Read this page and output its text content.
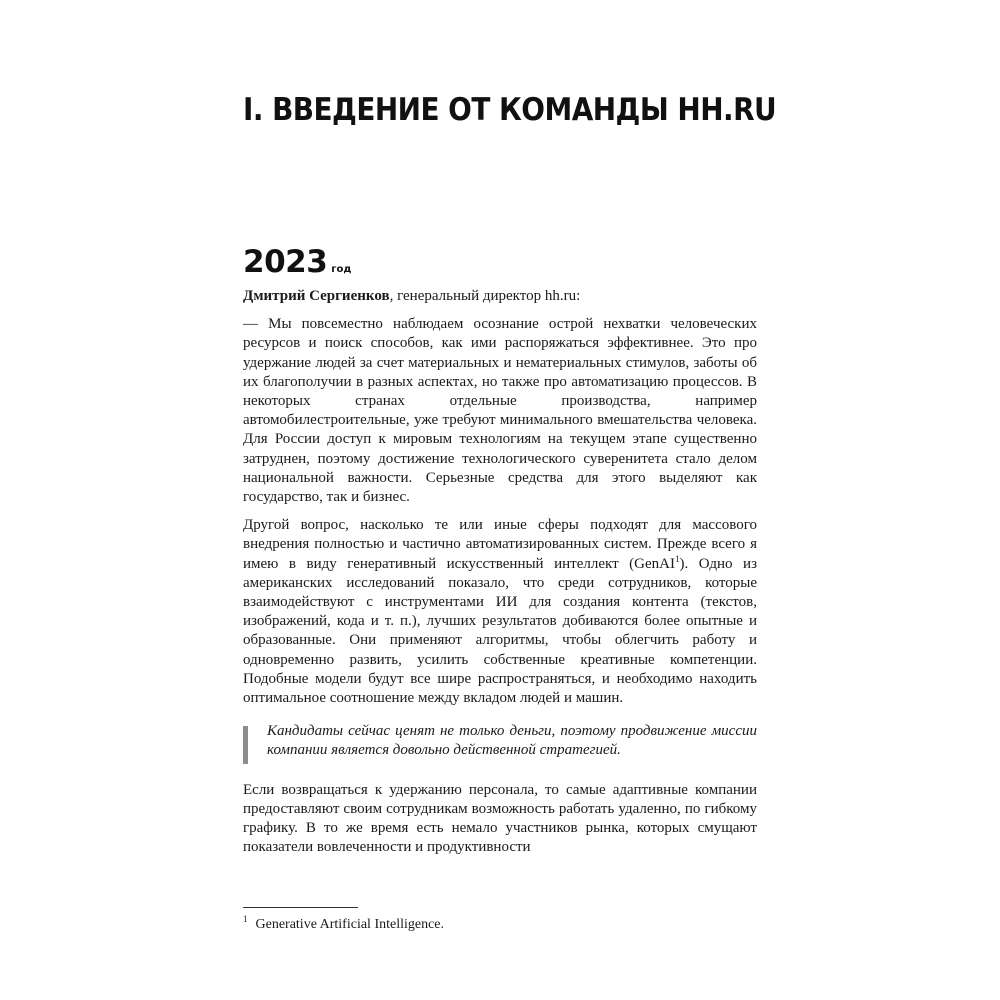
I. ВВЕДЕНИЕ ОТ КОМАНДЫ HH.RU
2023 год

Дмитрий Сергиенков, генеральный директор hh.ru:

— Мы повсеместно наблюдаем осознание острой нехватки человеческих ресурсов и поиск способов, как ими распоряжаться эффективнее. Это про удержание людей за счет материальных и нематериальных стимулов, заботы об их благополучии в разных аспектах, но также про автоматизацию процессов. В некоторых странах отдельные производства, например автомобилестроительные, уже требуют минимального вмешательства человека. Для России доступ к мировым технологиям на текущем этапе существенно затруднен, поэтому достижение технологического суверенитета стало делом национальной важности. Серьезные средства для этого выделяют как государство, так и бизнес.

Другой вопрос, насколько те или иные сферы подходят для массового внедрения полностью и частично автоматизированных систем. Прежде всего я имею в виду генеративный искусственный интеллект (GenAI$^1$). Одно из американских исследований показало, что среди сотрудников, которые взаимодействуют с инструментами ИИ для создания контента (текстов, изображений, кода и т. п.), лучших результатов добиваются более опытные и образованные. Они применяют алгоритмы, чтобы облегчить работу и одновременно развить, усилить собственные креативные компетенции. Подобные модели будут все шире распространяться, и необходимо находить оптимальное соотношение между вкладом людей и машин.

Кандидаты сейчас ценят не только деньги, поэтому продвижение миссии компании является довольно действенной стратегией.

Если возвращаться к удержанию персонала, то самые адаптивные компании предоставляют своим сотрудникам возможность работать удаленно, по гибкому графику. В то же время есть немало участников рынка, которых смущают показатели вовлеченности и продуктивности

$^1$ Generative Artificial Intelligence.
